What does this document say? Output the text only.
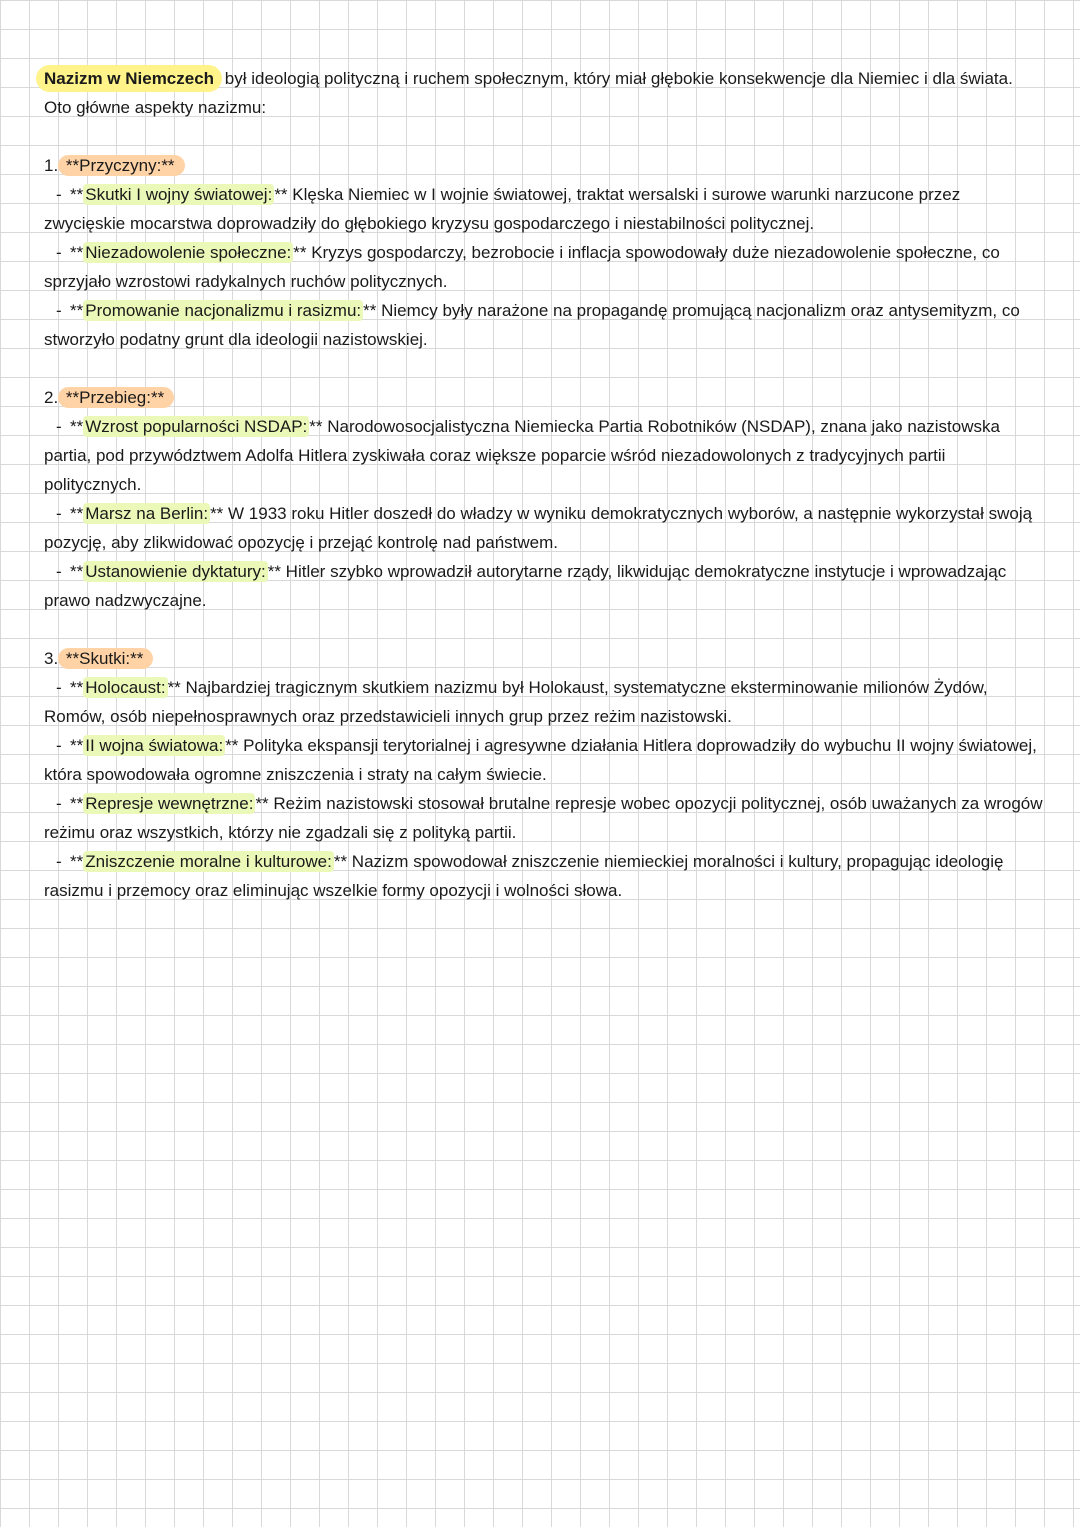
Nazizm w Niemczech był ideologią polityczną i ruchem społecznym, który miał głębokie konsekwencje dla Niemiec i dla świata. Oto główne aspekty nazizmu:

1. **Przyczyny:**

-** Skutki I wojny światowej: ** Klęska Niemiec w I wojnie światowej, traktat wersalski i surowe warunki narzucone przez zwycięskie mocarstwa doprowadziły do głębokiego kryzysu gospodarczego i niestabilności politycznej.

-** Niezadowolenie społeczne: ** Kryzys gospodarczy, bezrobocie i inflacja spowodowały duże niezadowolenie społeczne, co sprzyjało wzrostowi radykalnych ruchów politycznych.

-** Promowanie nacjonalizmu i rasizmu: ** Niemcy były narażone na propagandę promującą nacjonalizm oraz antysemityzm, co stworzyło podatny grunt dla ideologii nazistowskiej.

2. **Przebieg:**

-** Wzrost popularności NSDAP: ** Narodowosocjalistyczna Niemiecka Partia Robotników (NSDAP), znana jako nazistowska partia, pod przywództwem Adolfa Hitlera zyskiwała coraz większe poparcie wśród niezadowolonych z tradycyjnych partii politycznych.

-** Marsz na Berlin: ** W 1933 roku Hitler doszedł do władzy w wyniku demokratycznych wyborów, a następnie wykorzystał swoją pozycję, aby zlikwidować opozycję i przejąć kontrolę nad państwem.

-** Ustanowienie dyktatury: ** Hitler szybko wprowadził autorytarne rządy, likwidując demokratyczne instytucje i wprowadzając prawo nadzwyczajne.

3. **Skutki:**

-** Holocaust: ** Najbardziej tragicznym skutkiem nazizmu był Holokaust, systematyczne eksterminowanie milionów Żydów, Romów, osób niepełnosprawnych oraz przedstawicieli innych grup przez reżim nazistowski.

-** II wojna światowa: ** Polityka ekspansji terytorialnej i agresywne działania Hitlera doprowadziły do wybuchu II wojny światowej, która spowodowała ogromne zniszczenia i straty na całym świecie.

-** Represje wewnętrzne: ** Reżim nazistowski stosował brutalne represje wobec opozycji politycznej, osób uważanych za wrogów reżimu oraz wszystkich, którzy nie zgadzali się z polityką partii.

-** Zniszczenie moralne i kulturowe: ** Nazizm spowodował zniszczenie niemieckiej moralności i kultury, propagując ideologię rasizmu i przemocy oraz eliminując wszelkie formy opozycji i wolności słowa.
